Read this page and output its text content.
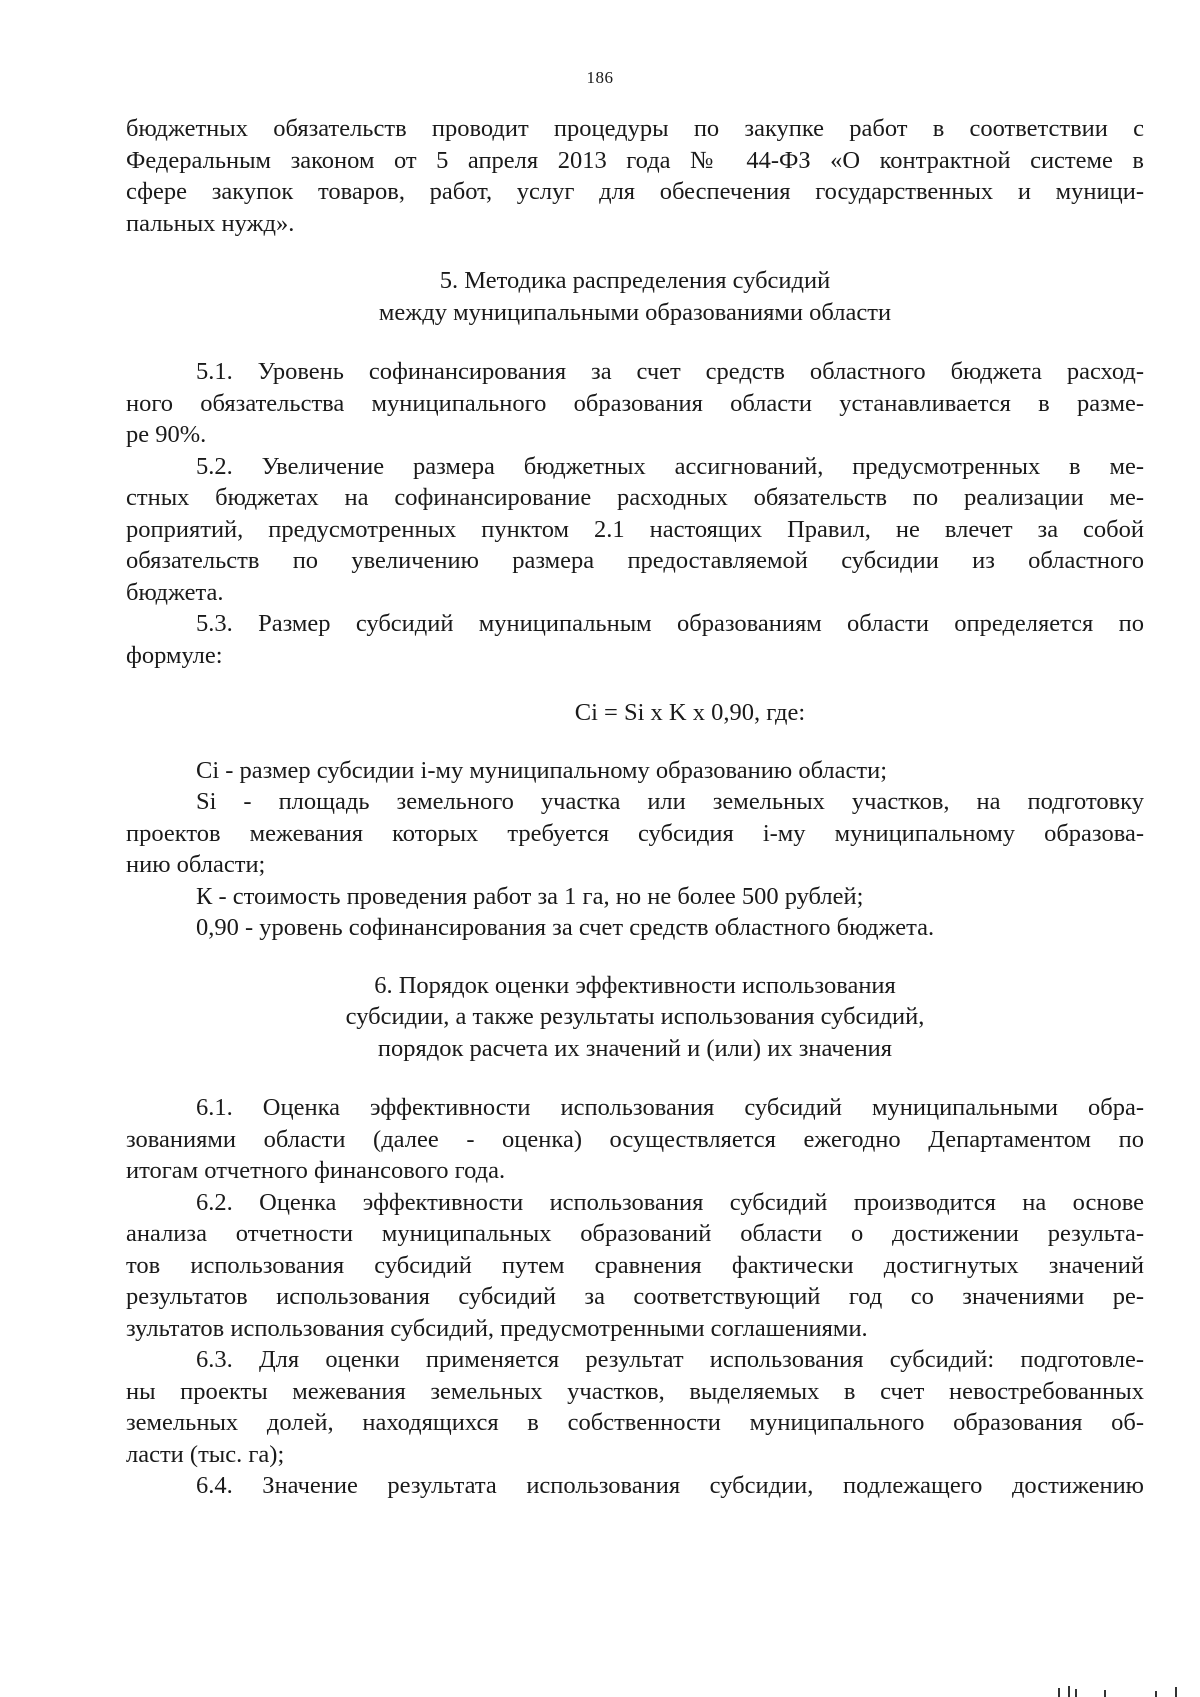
186
бюджетных обязательств проводит процедуры по закупке работ в соответствии с
Федеральным законом от 5 апреля 2013 года № 44-ФЗ «О контрактной системе в
сфере закупок товаров, работ, услуг для обеспечения государственных и муници-
пальных нужд».
5. Методика распределения субсидий
между муниципальными образованиями области
5.1. Уровень софинансирования за счет средств областного бюджета расход-
ного обязательства муниципального образования области устанавливается в разме-
ре 90%.
5.2. Увеличение размера бюджетных ассигнований, предусмотренных в ме-
стных бюджетах на софинансирование расходных обязательств по реализации ме-
роприятий, предусмотренных пунктом 2.1 настоящих Правил, не влечет за собой
обязательств по увеличению размера предоставляемой субсидии из областного
бюджета.
5.3. Размер субсидий муниципальным образованиям области определяется по
формуле:
Ci = Si x K x 0,90, где:
Ci - размер субсидии i-му муниципальному образованию области;
Si - площадь земельного участка или земельных участков, на подготовку
проектов межевания которых требуется субсидия i-му муниципальному образова-
нию области;
К - стоимость проведения работ за 1 га, но не более 500 рублей;
0,90 - уровень софинансирования за счет средств областного бюджета.
6. Порядок оценки эффективности использования
субсидии, а также результаты использования субсидий,
порядок расчета их значений и (или) их значения
6.1. Оценка эффективности использования субсидий муниципальными обра-
зованиями области (далее - оценка) осуществляется ежегодно Департаментом по
итогам отчетного финансового года.
6.2. Оценка эффективности использования субсидий производится на основе
анализа отчетности муниципальных образований области о достижении результа-
тов использования субсидий путем сравнения фактически достигнутых значений
результатов использования субсидий за соответствующий год со значениями ре-
зультатов использования субсидий, предусмотренными соглашениями.
6.3. Для оценки применяется результат использования субсидий: подготовле-
ны проекты межевания земельных участков, выделяемых в счет невостребованных
земельных долей, находящихся в собственности муниципального образования об-
ласти (тыс. га);
6.4. Значение результата использования субсидии, подлежащего достижению
